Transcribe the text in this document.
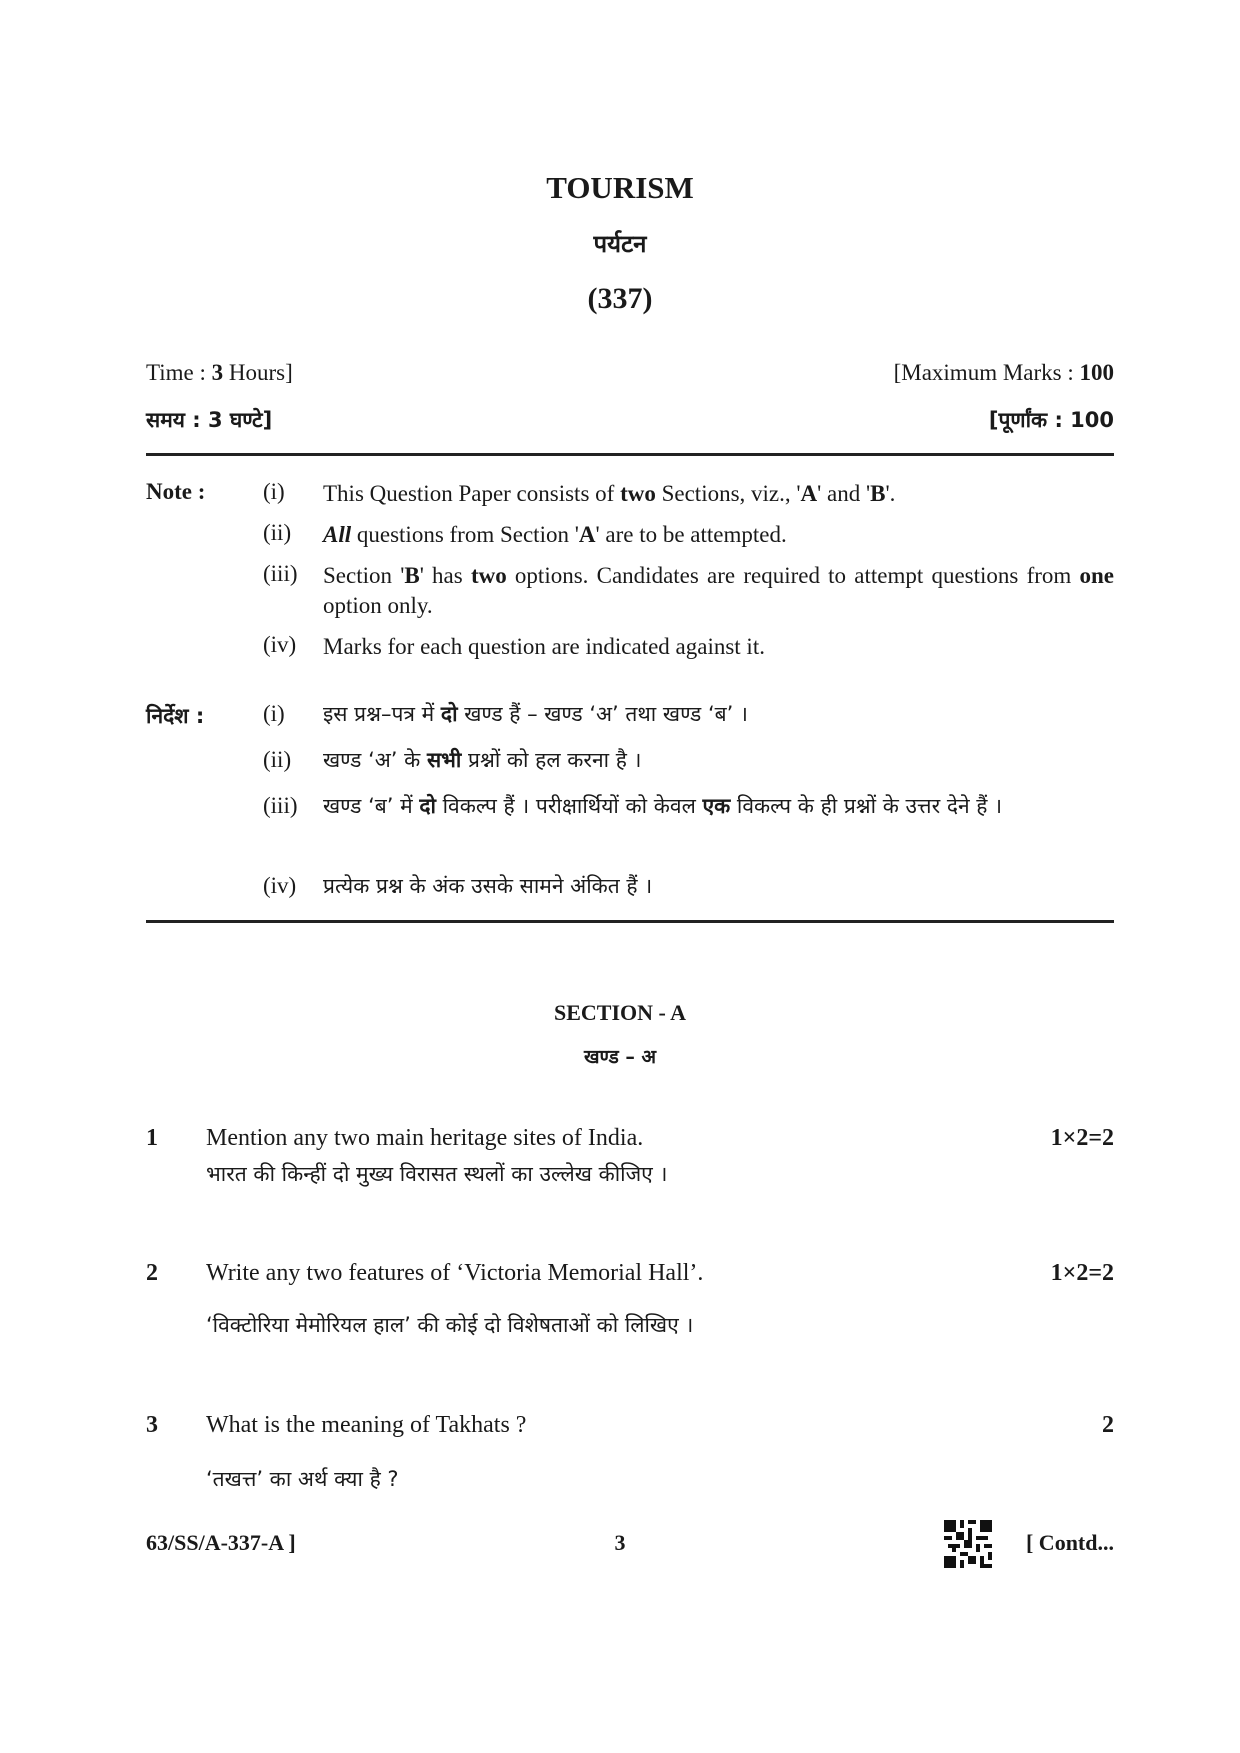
TOURISM
पर्यटन
(337)
Time : 3 Hours]	[Maximum Marks : 100
समय : 3 घण्टे]	[पूर्णांक : 100
Note :	(i) This Question Paper consists of two Sections, viz., 'A' and 'B'.
(ii) All questions from Section 'A' are to be attempted.
(iii) Section 'B' has two options. Candidates are required to attempt questions from one option only.
(iv) Marks for each question are indicated against it.
निर्देश :	(i) इस प्रश्न–पत्र में दो खण्ड हैं – खण्ड ‘अ’ तथा खण्ड ‘ब’ ।
(ii) खण्ड ‘अ’ के सभी प्रश्नों को हल करना है ।
(iii) खण्ड ‘ब’ में दो विकल्प हैं । परीक्षार्थियों को केवल एक विकल्प के ही प्रश्नों के उत्तर देने हैं ।
(iv) प्रत्येक प्रश्न के अंक उसके सामने अंकित हैं ।
SECTION - A
खण्ड – अ
1 Mention any two main heritage sites of India.	1×2=2
भारत की किन्हीं दो मुख्य विरासत स्थलों का उल्लेख कीजिए ।
2 Write any two features of ‘Victoria Memorial Hall’.	1×2=2
‘विक्टोरिया मेमोरियल हाल’ की कोई दो विशेषताओं को लिखिए ।
3 What is the meaning of Takhats ?	2
‘तखत्त’ का अर्थ क्या है ?
63/SS/A-337-A ]	3	[ Contd...
